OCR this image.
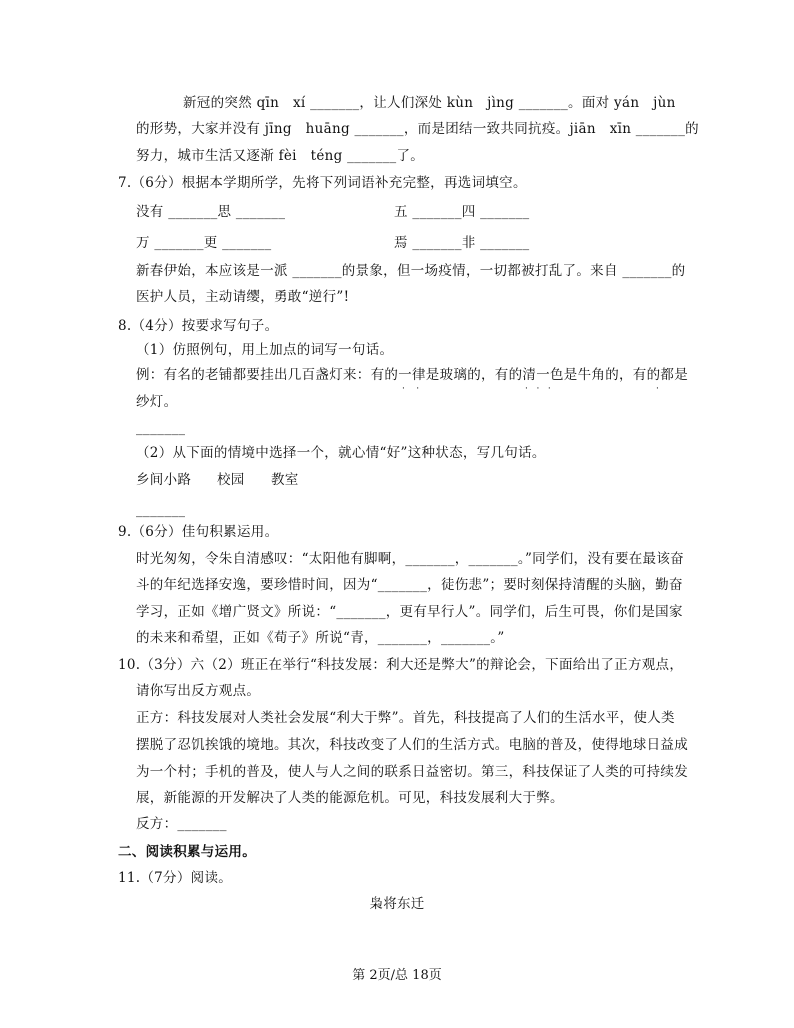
新冠的突然 qīn　xí _______，让人们深处 kùn　jìng _______。面对 yán　jùn
的形势，大家并没有 jīng　huāng _______，而是团结一致共同抗疫。jiān　xīn _______的
努力，城市生活又逐渐 fèi　téng _______了。
7.（6分）根据本学期所学，先将下列词语补充完整，再选词填空。
没有 _______思 _______	五 _______四 _______
万 _______更 _______	焉 _______非 _______
新春伊始，本应该是一派 _______的景象，但一场疫情，一切都被打乱了。来自 _______的
医护人员，主动请缨，勇敢“逆行”!
8.（4分）按要求写句子。
（1）仿照例句，用上加点的词写一句话。
例：有名的老铺都要挂出几百盏灯来：有的一律是玻璃的，有的清一色是牛角的，有的都是
·    ·	·   ·   ·	·
纱灯。
_______
（2）从下面的情境中选择一个，就心情“好”这种状态，写几句话。
乡间小路 校园 教室
_______
9.（6分）佳句积累运用。
时光匆匆，令朱自清感叹：“太阳他有脚啊，_______，_______。”同学们，没有要在最该奋
斗的年纪选择安逸，要珍惜时间，因为“_______，徒伤悲”；要时刻保持清醒的头脑，勤奋
学习，正如《增广贤文》所说：“_______，更有早行人”。同学们，后生可畏，你们是国家
的未来和希望，正如《荀子》所说“青，_______，_______。”
10.（3分）六（2）班正在举行“科技发展：利大还是弊大”的辩论会，下面给出了正方观点，
请你写出反方观点。
正方：科技发展对人类社会发展“利大于弊”。首先，科技提高了人们的生活水平，使人类
摆脱了忍饥挨饿的境地。其次，科技改变了人们的生活方式。电脑的普及，使得地球日益成
为一个村；手机的普及，使人与人之间的联系日益密切。第三，科技保证了人类的可持续发
展，新能源的开发解决了人类的能源危机。可见，科技发展利大于弊。
反方：_______
二、阅读积累与运用。
11.（7分）阅读。
枭将东迁
第 2页/总 18页
